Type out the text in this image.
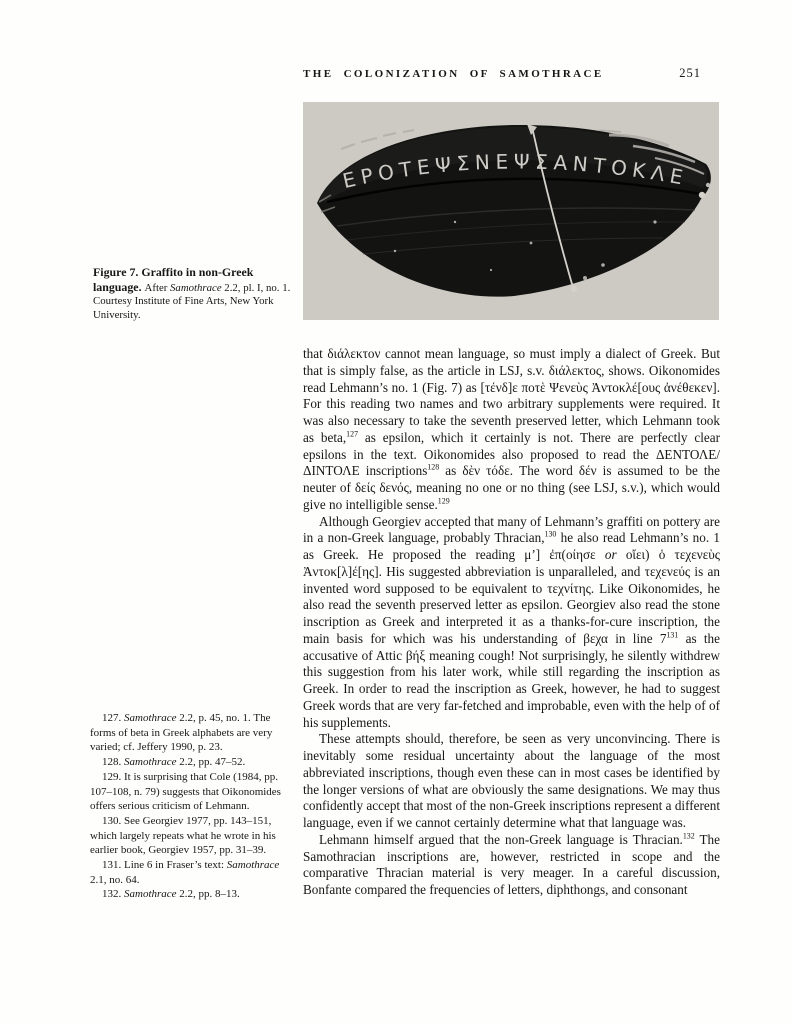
THE COLONIZATION OF SAMOTHRACE	251
ΕΡΟΤΕΨΣΝΕΨΣΑΝΤΟΚΛΕ
Figure 7. Graffito in non-Greek language. After Samothrace 2.2, pl. I, no. 1. Courtesy Institute of Fine Arts, New York University.

127. Samothrace 2.2, p. 45, no. 1. The forms of beta in Greek alphabets are very varied; cf. Jeffery 1990, p. 23.

128. Samothrace 2.2, pp. 47–52.

129. It is surprising that Cole (1984, pp. 107–108, n. 79) suggests that Oikonomides offers serious criticism of Lehmann.

130. See Georgiev 1977, pp. 143–151, which largely repeats what he wrote in his earlier book, Georgiev 1957, pp. 31–39.

131. Line 6 in Fraser’s text: Samothrace 2.1, no. 64.

132. Samothrace 2.2, pp. 8–13.

that διάλεκτον cannot mean language, so must imply a dialect of Greek. But that is simply false, as the article in LSJ, s.v. διάλεκτος, shows. Oikonomides read Lehmann’s no. 1 (Fig. 7) as [τένδ]ε ποτὲ Ψενεὺς Ἀντοκλέ[ους ἀνέθεκεν]. For this reading two names and two arbitrary supplements were required. It was also necessary to take the seventh preserved letter, which Lehmann took as beta,$^{127}$ as epsilon, which it certainly is not. There are perfectly clear epsilons in the text. Oikonomides also proposed to read the ΔΕΝΤΟΛΕ/ΔΙΝΤΟΛΕ inscriptions$^{128}$ as δὲν τόδε. The word δέν is assumed to be the neuter of δείς δενός, meaning no one or no thing (see LSJ, s.v.), which would give no intelligible sense.$^{129}$

Although Georgiev accepted that many of Lehmann’s graffiti on pottery are in a non-Greek language, probably Thracian,$^{130}$ he also read Lehmann’s no. 1 as Greek. He proposed the reading μ’] ἐπ(οίησε or οἴει) ὁ τεχενεὺς Ἀντοκ[λ]έ[ης]. His suggested abbreviation is unparalleled, and τεχενεύς is an invented word supposed to be equivalent to τεχνίτης. Like Oikonomides, he also read the seventh preserved letter as epsilon. Georgiev also read the stone inscription as Greek and interpreted it as a thanks-for-cure inscription, the main basis for which was his understanding of βεχα in line $7^{131}$ as the accusative of Attic βήξ meaning cough! Not surprisingly, he silently withdrew this suggestion from his later work, while still regarding the inscription as Greek. In order to read the inscription as Greek, however, he had to suggest Greek words that are very far-fetched and improbable, even with the help of of his supplements.

These attempts should, therefore, be seen as very unconvincing. There is inevitably some residual uncertainty about the language of the most abbreviated inscriptions, though even these can in most cases be identified by the longer versions of what are obviously the same designations. We may thus confidently accept that most of the non-Greek inscriptions represent a different language, even if we cannot certainly determine what that language was.

Lehmann himself argued that the non-Greek language is Thracian.$^{132}$ The Samothracian inscriptions are, however, restricted in scope and the comparative Thracian material is very meager. In a careful discussion, Bonfante compared the frequencies of letters, diphthongs, and consonant
